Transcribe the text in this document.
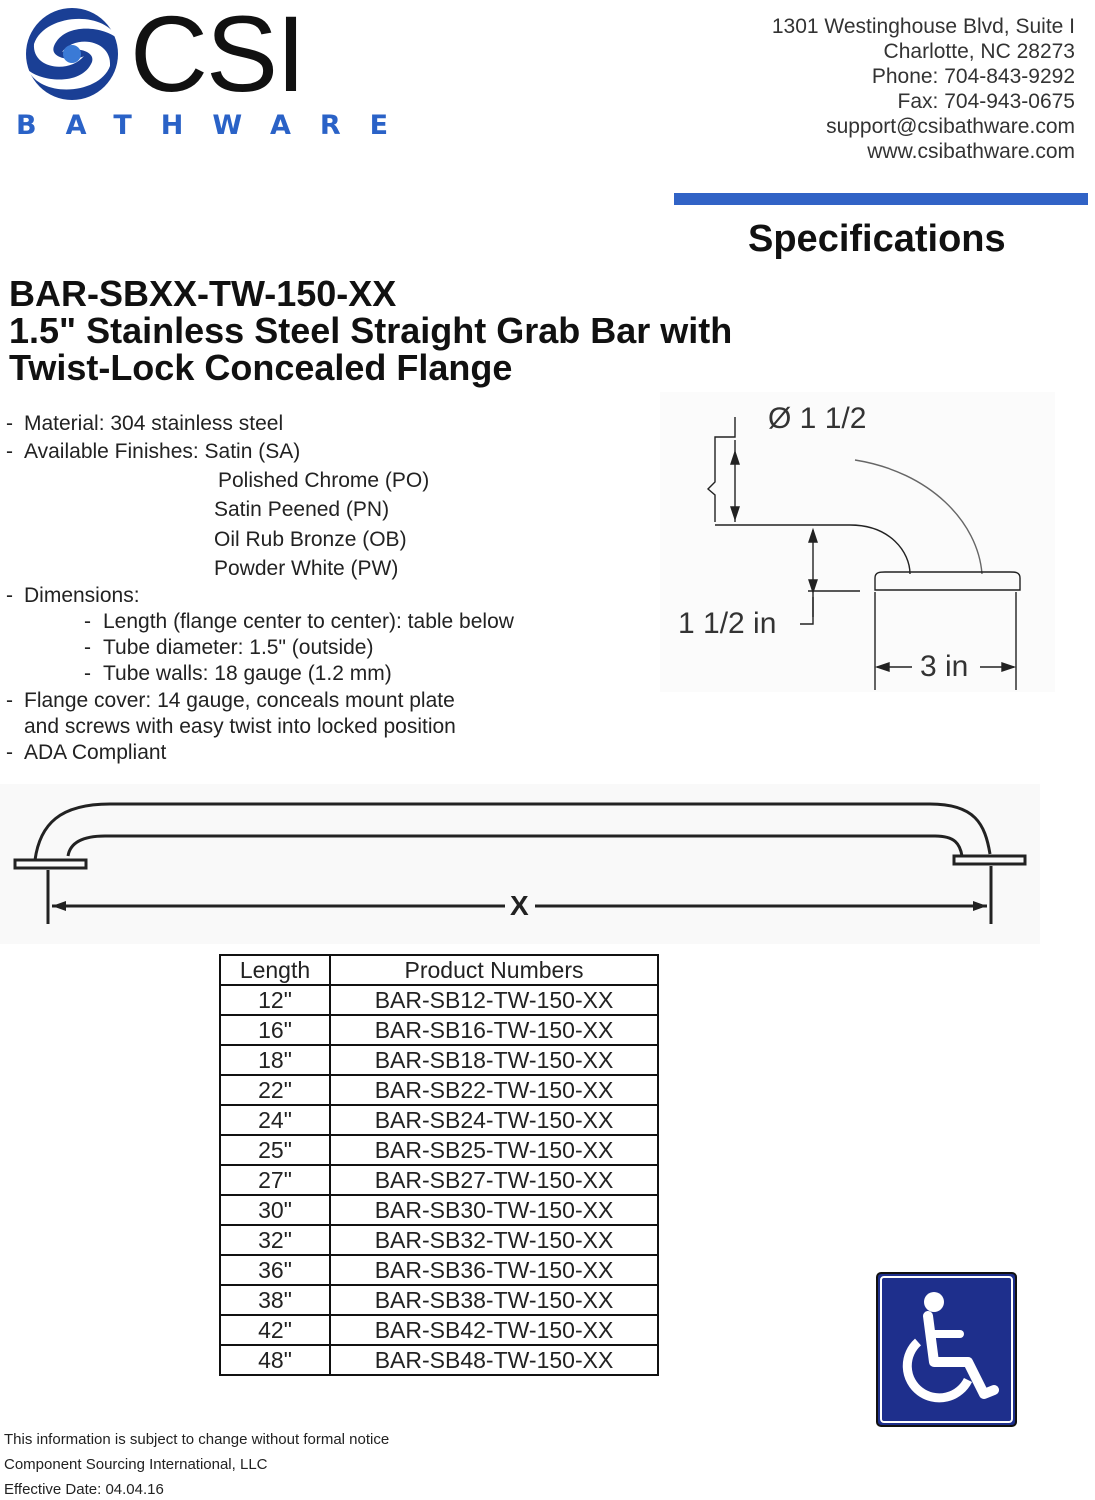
CSI
BATHWARE
1301 Westinghouse Blvd, Suite I
Charlotte, NC 28273
Phone: 704-843-9292
Fax: 704-943-0675
support@csibathware.com
www.csibathware.com
Specifications
BAR-SBXX-TW-150-XX
1.5" Stainless Steel Straight Grab Bar with
Twist-Lock Concealed Flange
- Material: 304 stainless steel
- Available Finishes: Satin (SA)
Polished Chrome (PO)
Satin Peened (PN)
Oil Rub Bronze (OB)
Powder White (PW)
- Dimensions:
- Length (flange center to center): table below
- Tube diameter: 1.5" (outside)
- Tube walls: 18 gauge (1.2 mm)
- Flange cover: 14 gauge, conceals mount plate
and screws with easy twist into locked position
- ADA Compliant
Ø 1 1/2
1 1/2 in
3 in
X
Length	Product Numbers
12"	BAR-SB12-TW-150-XX
16"	BAR-SB16-TW-150-XX
18"	BAR-SB18-TW-150-XX
22"	BAR-SB22-TW-150-XX
24"	BAR-SB24-TW-150-XX
25"	BAR-SB25-TW-150-XX
27"	BAR-SB27-TW-150-XX
30"	BAR-SB30-TW-150-XX
32"	BAR-SB32-TW-150-XX
36"	BAR-SB36-TW-150-XX
38"	BAR-SB38-TW-150-XX
42"	BAR-SB42-TW-150-XX
48"	BAR-SB48-TW-150-XX
This information is subject to change without formal notice
Component Sourcing International, LLC
Effective Date: 04.04.16
